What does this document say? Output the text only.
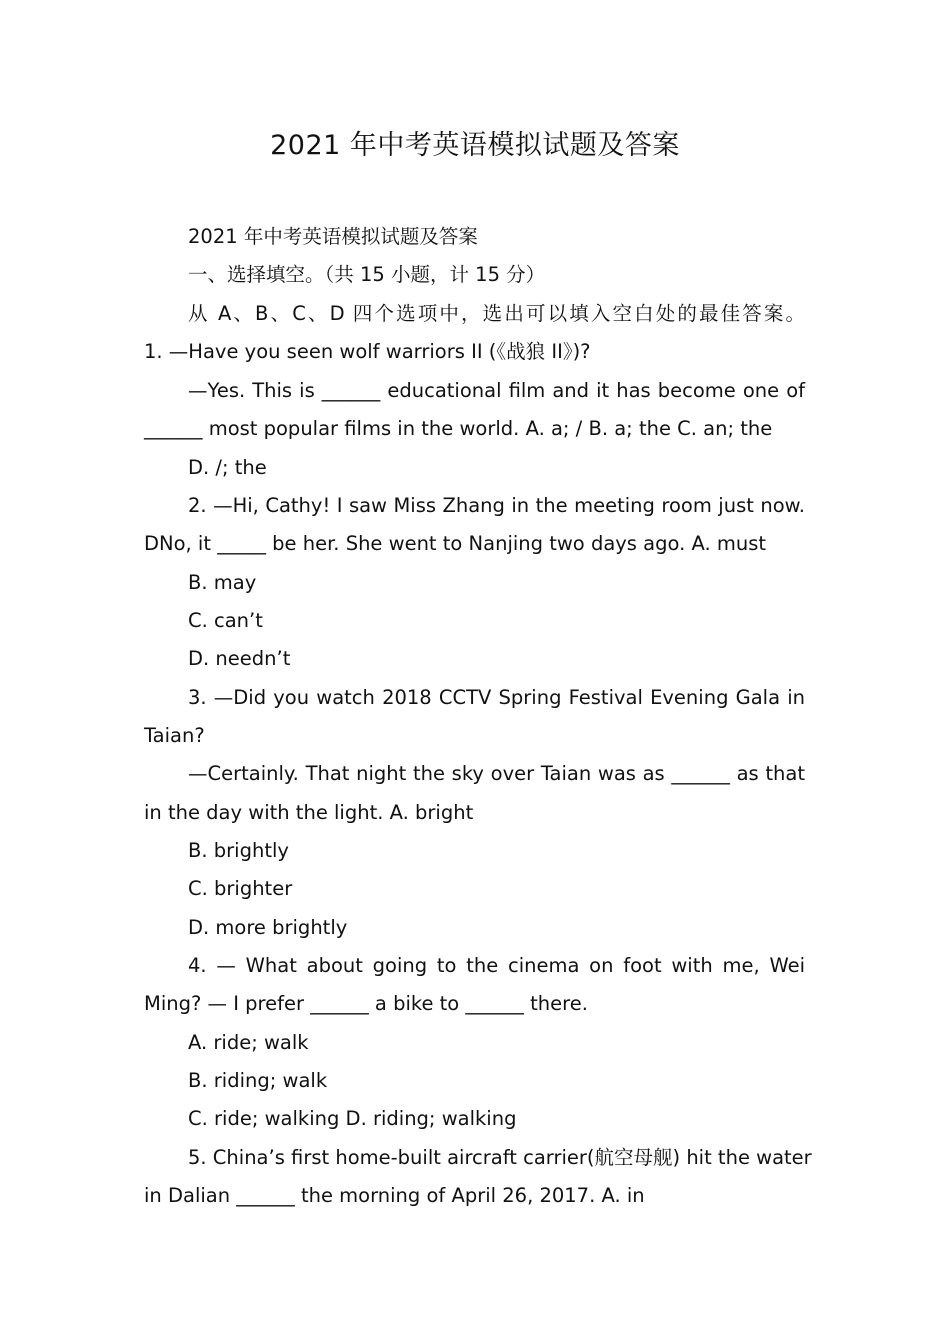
2021 年中考英语模拟试题及答案
2021 年中考英语模拟试题及答案
一、选择填空。（共 15 小题，计 15 分）
从 A、B、C、D 四个选项中，选出可以填入空白处的最佳答案。
1. —Have you seen wolf warriors II (《战狼 II》)?
—Yes. This is ______ educational film and it has become one of
______ most popular films in the world. A. a; / B. a; the C. an; the
D. /; the
2. —Hi, Cathy! I saw Miss Zhang in the meeting room just now.
DNo, it _____ be her. She went to Nanjing two days ago. A. must
B. may
C. can’t
D. needn’t
3. —Did you watch 2018 CCTV Spring Festival Evening Gala in
Taian?
—Certainly. That night the sky over Taian was as ______ as that
in the day with the light. A. bright
B. brightly
C. brighter
D. more brightly
4. — What about going to the cinema on foot with me, Wei
Ming? — I prefer ______ a bike to ______ there.
A. ride; walk
B. riding; walk
C. ride; walking D. riding; walking
5. China’s first home-built aircraft carrier(航空母舰) hit the water
in Dalian ______ the morning of April 26, 2017. A. in
